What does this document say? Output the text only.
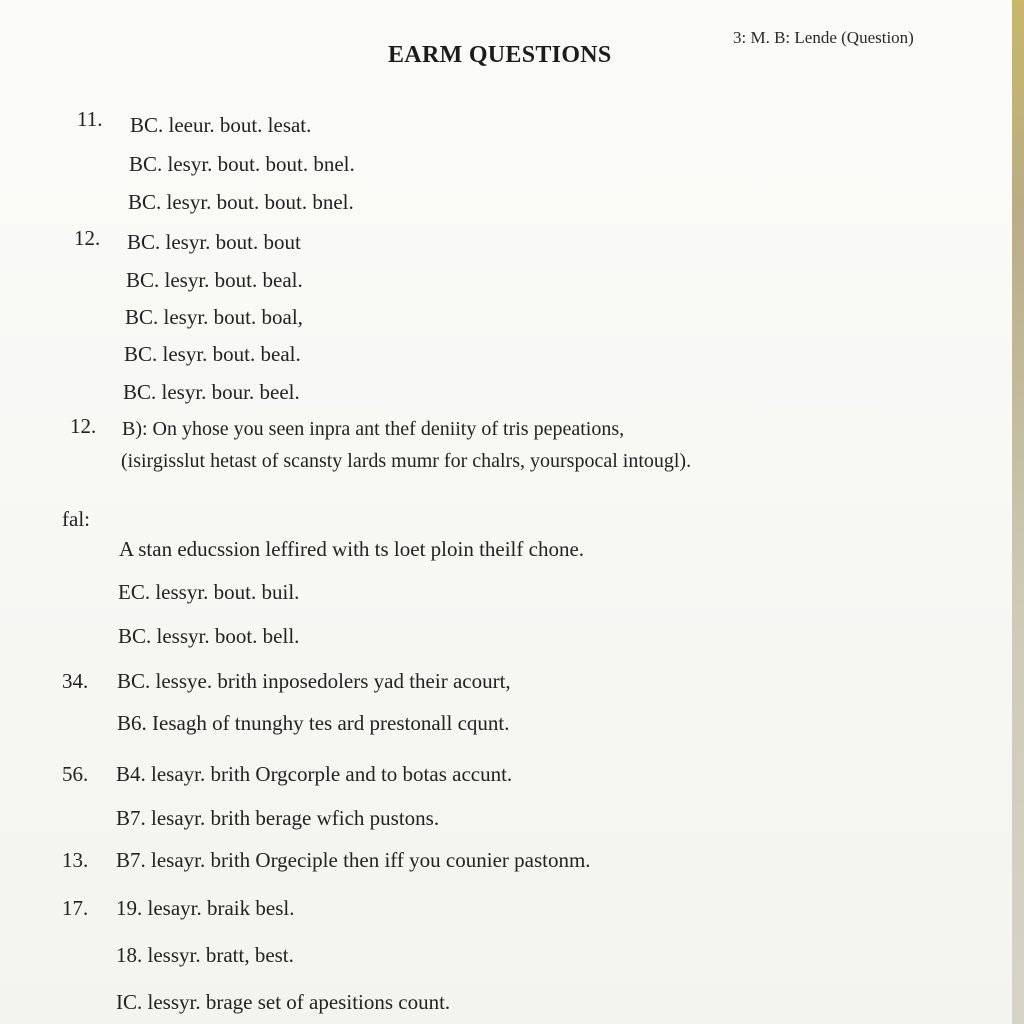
3: M. B: Lende (Question)
EARM QUESTIONS
11. BC. leeur. bout. lesat.
BC. lesyr. bout. bout. bnel.
BC. lesyr. bout. bout. bnel.
12. BC. lesyr. bout. bout
BC. lesyr. bout. beal.
BC. lesyr. bout. boal,
BC. lesyr. bout. beal.
BC. lesyr. bour. beel.
12. B): On yhose you seen inpra ant thef deniity of tris pepeations,
(isirgisslut hetast of scansty lards mumr for chalrs, yourspocal intougl).
fal:
A stan educssion leffired with ts loet ploin theilf chone.
EC. lessyr. bout. buil.
BC. lessyr. boot. bell.
34. BC. lessye. brith inposedolers yad their acourt,
B6. Iesagh of tnunghy tes ard prestonall cqunt.
56. B4. lesayr. brith Orgcorple and to botas accunt.
B7. lesayr. brith berage wfich pustons.
13. B7. lesayr. brith Orgeciple then iff you counier pastonm.
17. 19. lesayr. braik besl.
18. lessyr. bratt, best.
IC. lessyr. brage set of apesitions count.
